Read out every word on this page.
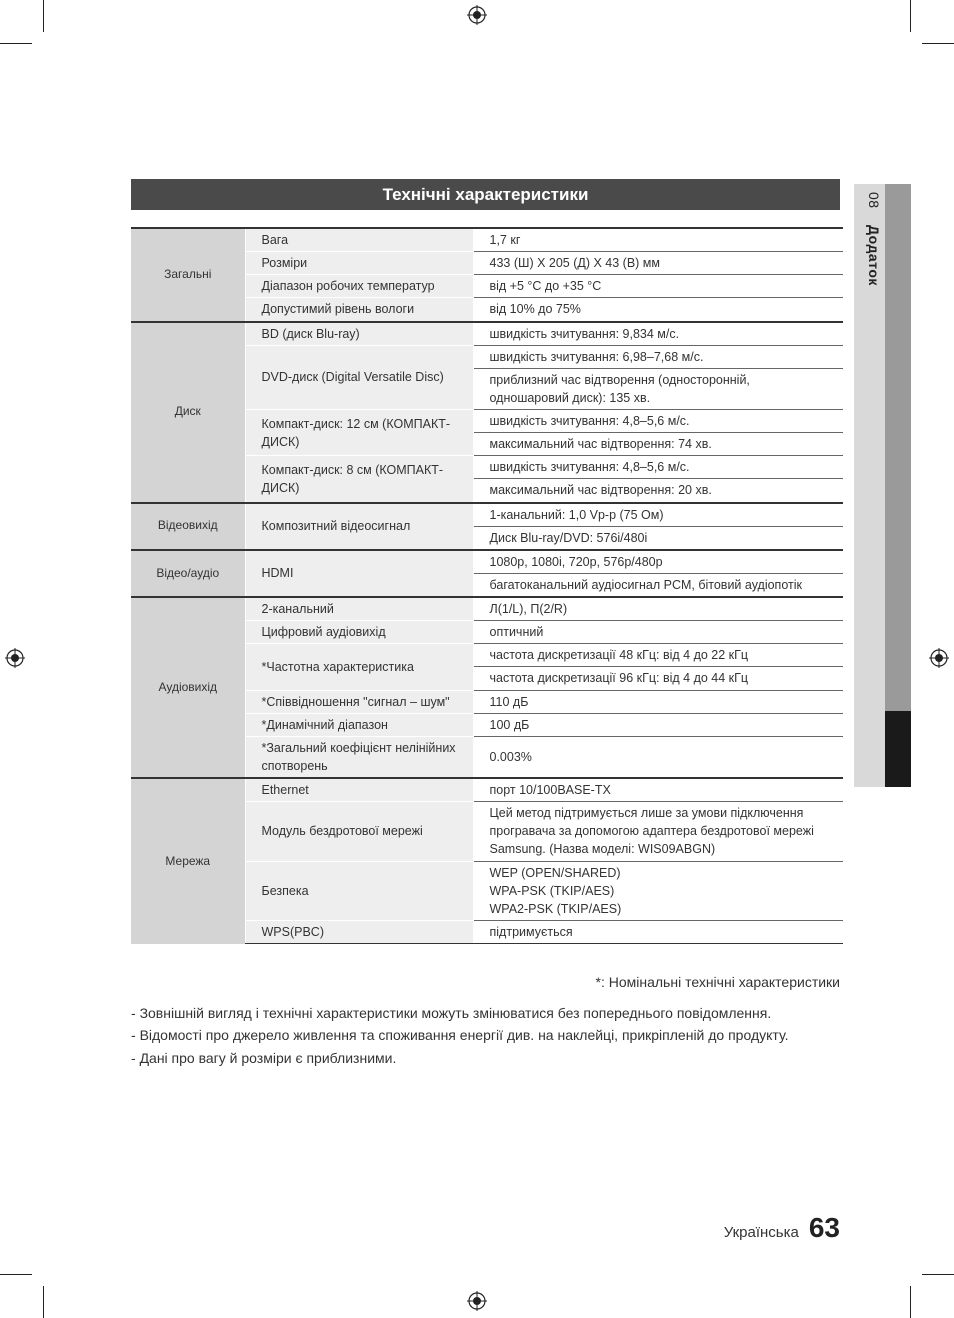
Технічні характеристики	08 Додаток
Загальні	Вага	1,7 кг
	Розміри	433 (Ш) X 205 (Д) X 43 (В) мм
	Діапазон робочих температур	від +5 °C до +35 °C
	Допустимий рівень вологи	від 10% до 75%
Диск	BD (диск Blu-ray)	швидкість зчитування: 9,834 м/с.
	DVD-диск (Digital Versatile Disc)	швидкість зчитування: 6,98–7,68 м/с.
		приблизний час відтворення (односторонній, одношаровий диск): 135 хв.
	Компакт-диск: 12 см (КОМПАКТ-ДИСК)	швидкість зчитування: 4,8–5,6 м/с.
		максимальний час відтворення: 74 хв.
	Компакт-диск: 8 см (КОМПАКТ-ДИСК)	швидкість зчитування: 4,8–5,6 м/с.
		максимальний час відтворення: 20 хв.
Відеовихід	Композитний відеосигнал	1-канальний: 1,0 Vp-p (75 Ом)
		Диск Blu-ray/DVD: 576i/480i
Відео/аудіо	HDMI	1080p, 1080i, 720p, 576p/480p
		багатоканальний аудіосигнал PCM, бітовий аудіопотік
Аудіовихід	2-канальний	Л(1/L), П(2/R)
	Цифровий аудіовихід	оптичний
	*Частотна характеристика	частота дискретизації 48 кГц: від 4 до 22 кГц
		частота дискретизації 96 кГц: від 4 до 44 кГц
	*Співвідношення "сигнал – шум"	110 дБ
	*Динамічний діапазон	100 дБ
	*Загальний коефіцієнт нелінійних спотворень	0.003%
Мережа	Ethernet	порт 10/100BASE-TX
	Модуль бездротової мережі	Цей метод підтримується лише за умови підключення програвача за допомогою адаптера бездротової мережі Samsung. (Назва моделі: WIS09ABGN)
	Безпека	WEP (OPEN/SHARED)
WPA-PSK (TKIP/AES)
WPA2-PSK (TKIP/AES)
	WPS(PBC)	підтримується
*: Номінальні технічні характеристики
- Зовнішній вигляд і технічні характеристики можуть змінюватися без попереднього повідомлення.
- Відомості про джерело живлення та споживання енергії див. на наклейці, прикріпленій до продукту.
- Дані про вагу й розміри є приблизними.
Українська 63
